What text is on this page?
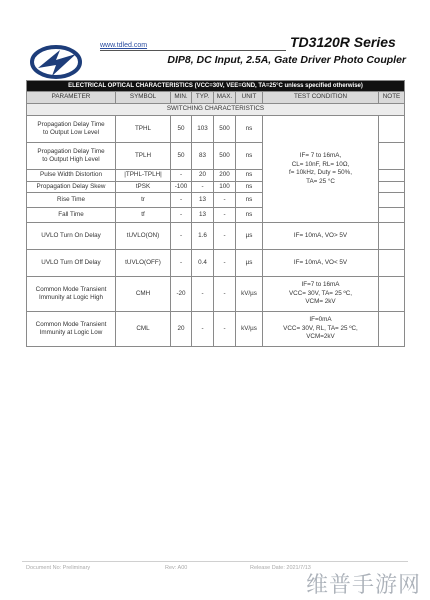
www.tdled.com	TD3120R Series
DIP8, DC Input, 2.5A, Gate Driver Photo Coupler
ELECTRICAL OPTICAL CHARACTERISTICS (VCC=30V, VEE=GND, TA=25°C unless specified otherwise)							
PARAMETER	SYMBOL	MIN.	TYP.	MAX.	UNIT	TEST CONDITION	NOTE
SWITCHING CHARACTERISTICS							
Propagation Delay Time
to Output Low Level	TPHL	50	103	500	ns	IF= 7 to 16mA,
CL= 10nF, RL= 10Ω,
f= 10kHz, Duty = 50%,
TA= 25 °C	
Propagation Delay Time
to Output High Level	TPLH	50	83	500	ns		
Pulse Width Distortion	|TPHL-TPLH|	-	20	200	ns		
Propagation Delay Skew	tPSK	-100	-	100	ns		
Rise Time	tr	-	13	-	ns		
Fall Time	tf	-	13	-	ns		
UVLO Turn On Delay	tUVLO(ON)	-	1.6	-	µs	IF= 10mA, VO> 5V	
UVLO Turn Off Delay	tUVLO(OFF)	-	0.4	-	µs	IF= 10mA, VO< 5V	
Common Mode Transient
Immunity at Logic High	CMH	-20	-	-	kV/µs	IF=7 to 16mA
VCC= 30V, TA= 25 ºC,
VCM= 2kV	
Common Mode Transient
Immunity at Logic Low	CML	20	-	-	kV/µs	IF=0mA
VCC= 30V, RL, TA= 25 ºC,
VCM=2kV	
Document No: Preliminary	Rev: A00	Release Date: 2021/7/13
维普手游网
